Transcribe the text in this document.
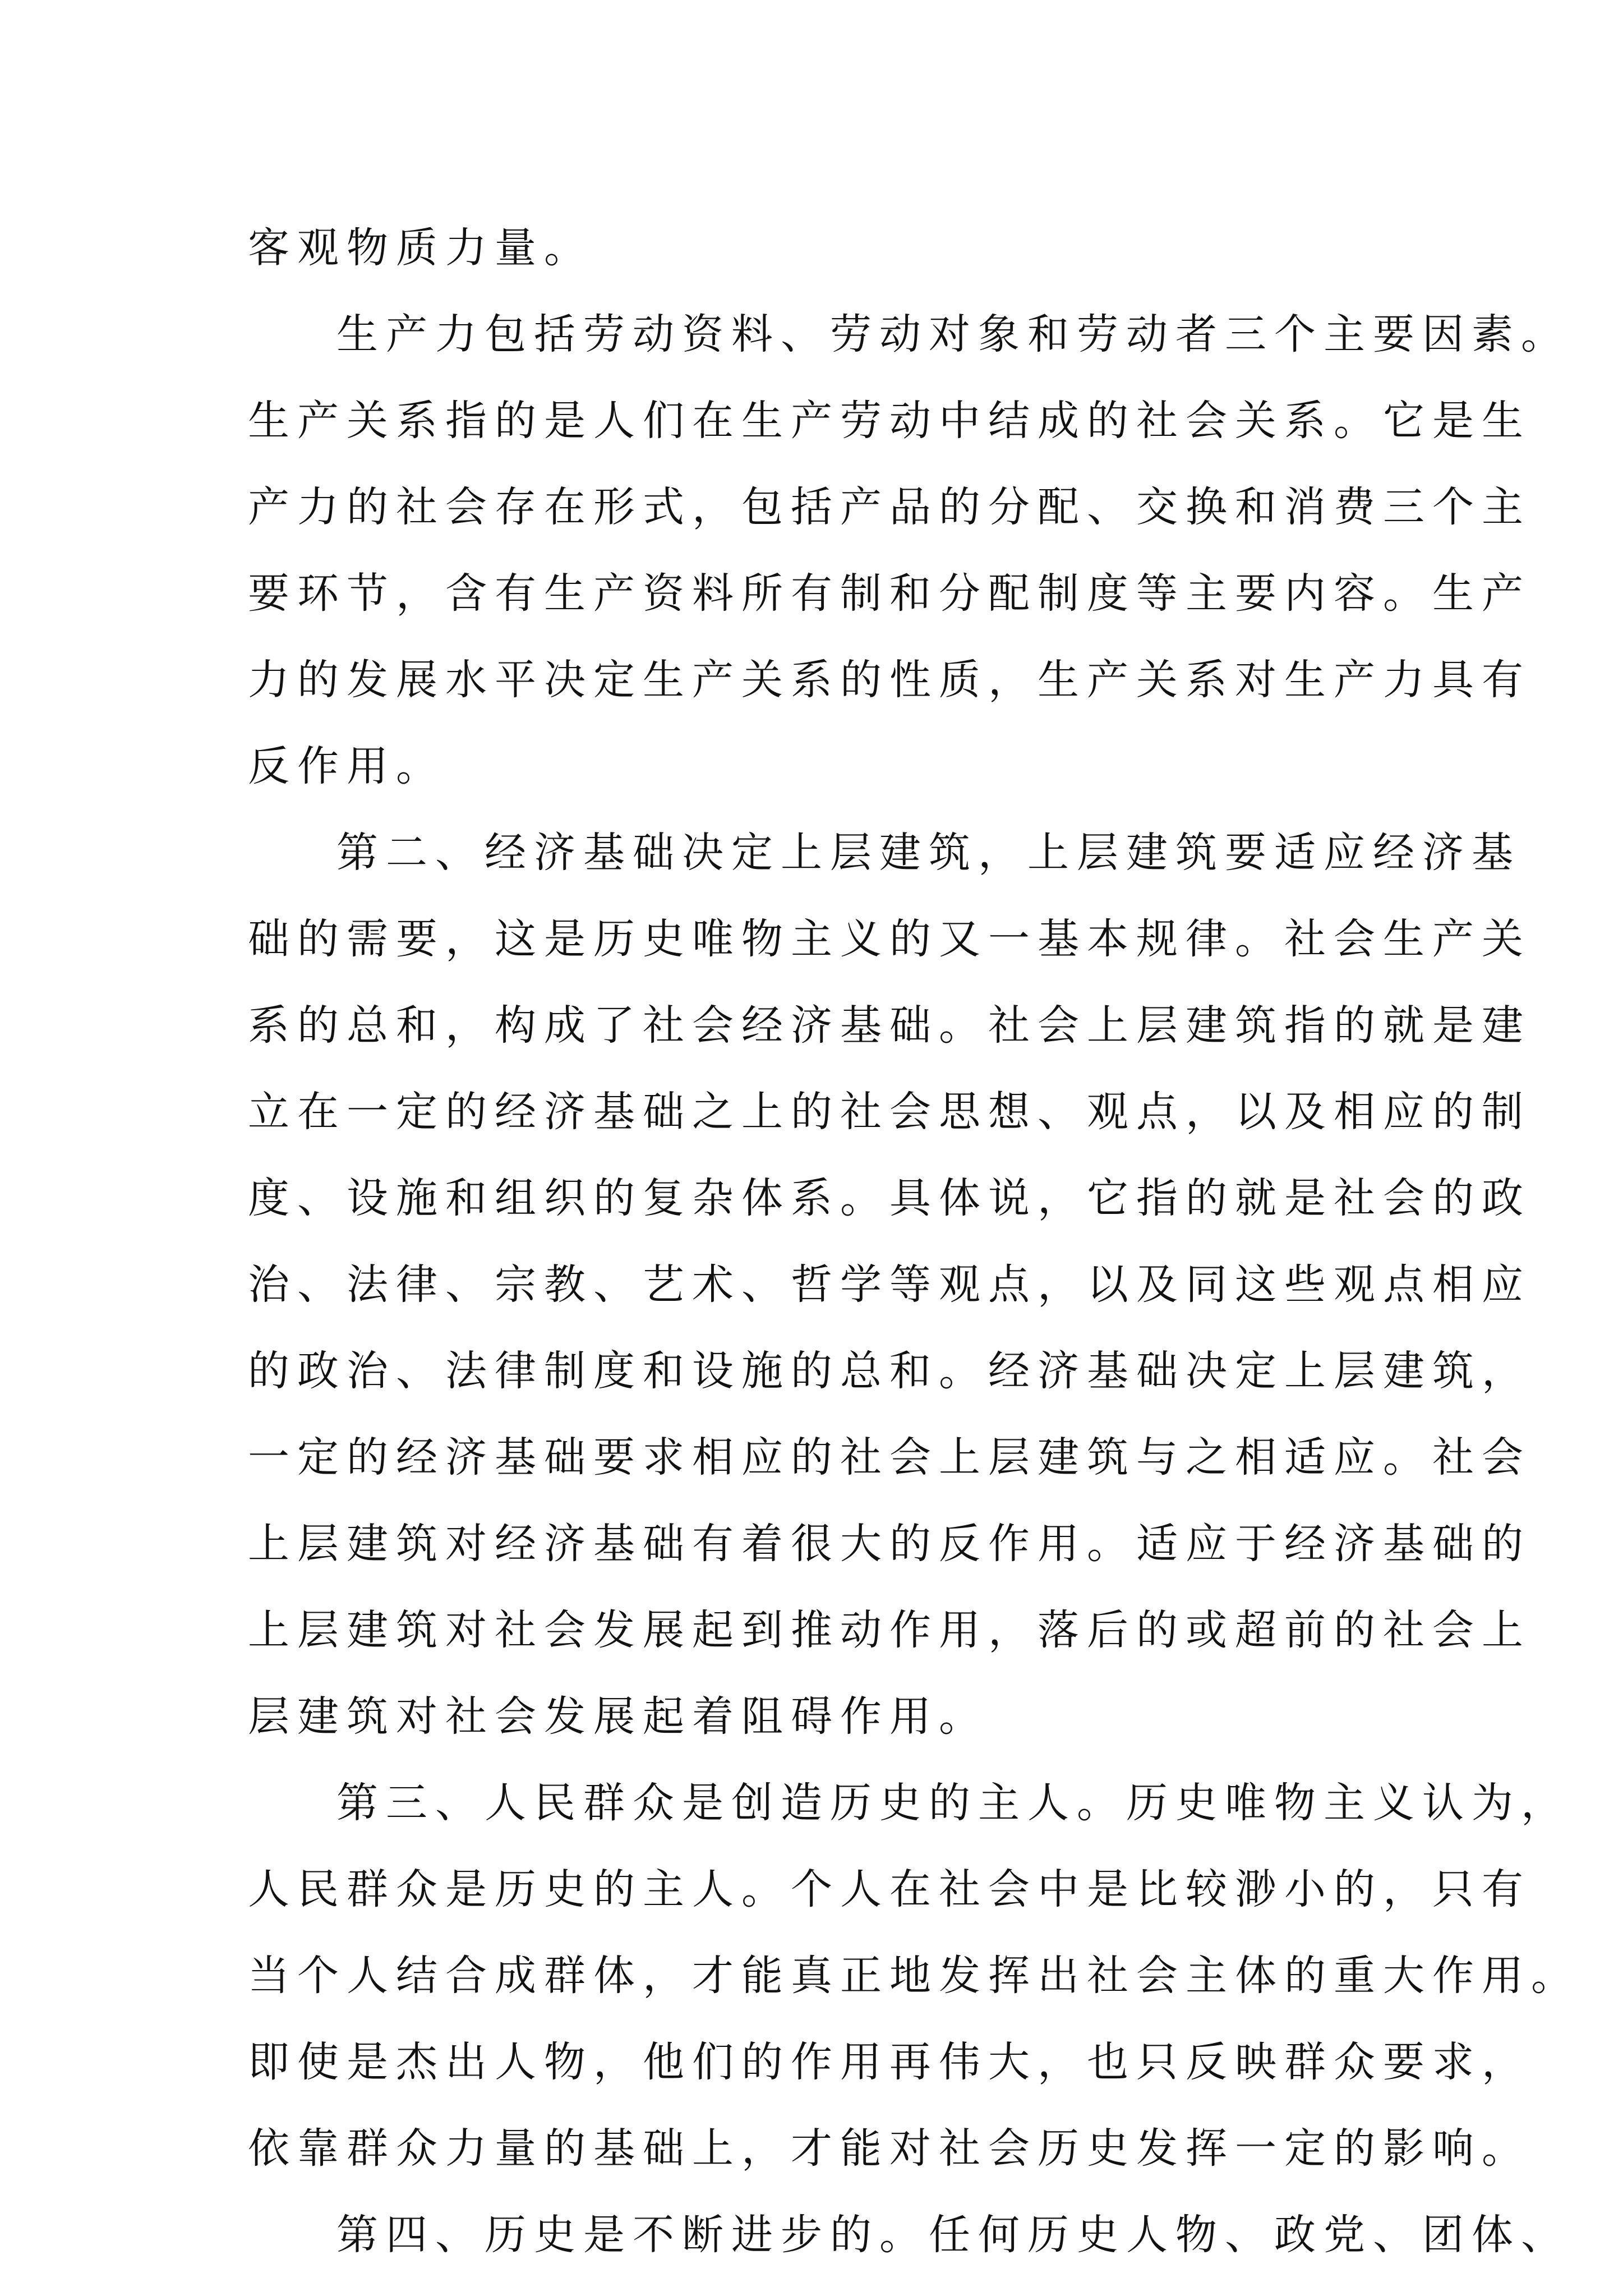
客观物质力量。
生产力包括劳动资料、劳动对象和劳动者三个主要因素。
生产关系指的是人们在生产劳动中结成的社会关系。它是生
产力的社会存在形式，包括产品的分配、交换和消费三个主
要环节，含有生产资料所有制和分配制度等主要内容。生产
力的发展水平决定生产关系的性质，生产关系对生产力具有
反作用。
第二、经济基础决定上层建筑，上层建筑要适应经济基
础的需要，这是历史唯物主义的又一基本规律。社会生产关
系的总和，构成了社会经济基础。社会上层建筑指的就是建
立在一定的经济基础之上的社会思想、观点，以及相应的制
度、设施和组织的复杂体系。具体说，它指的就是社会的政
治、法律、宗教、艺术、哲学等观点，以及同这些观点相应
的政治、法律制度和设施的总和。经济基础决定上层建筑，
一定的经济基础要求相应的社会上层建筑与之相适应。社会
上层建筑对经济基础有着很大的反作用。适应于经济基础的
上层建筑对社会发展起到推动作用，落后的或超前的社会上
层建筑对社会发展起着阻碍作用。
第三、人民群众是创造历史的主人。历史唯物主义认为，
人民群众是历史的主人。个人在社会中是比较渺小的，只有
当个人结合成群体，才能真正地发挥出社会主体的重大作用。
即使是杰出人物，他们的作用再伟大，也只反映群众要求，
依靠群众力量的基础上，才能对社会历史发挥一定的影响。
第四、历史是不断进步的。任何历史人物、政党、团体、
